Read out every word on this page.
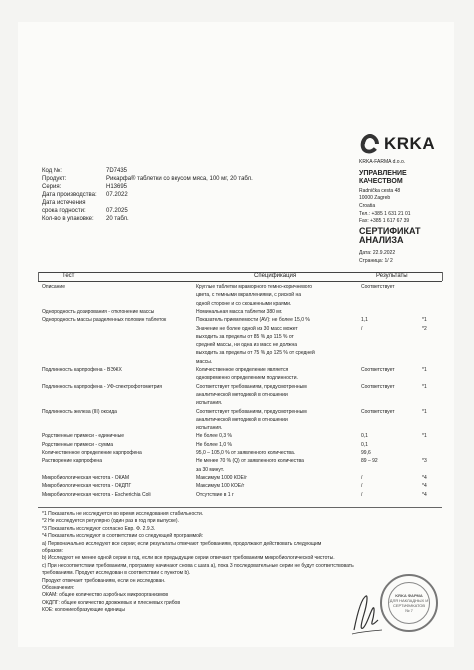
KRKA
KRKA-FARMA d.o.o.
УПРАВЛЕНИЕ
КАЧЕСТВОМ
Radnička cesta 48
10000 Zagreb
Croatia
Тел.: +385 1 631 21 01
Fax: +385 1 617 67 39
СЕРТИФИКАТ
АНАЛИЗА
Дата: 22.9.2022
Страница: 1/ 2
Код №:	7D7435
Продукт:	Рикарфа® таблетки со вкусом мяса, 100 мг, 20 табл.
Серия:	H13695
Дата производства: 07.2022
Дата истечения
срока годности:	07.2025
Кол-во в упаковке: 20 табл.
Тест	Спецификация	Результаты
Описание	Круглые таблетки мраморного темно-коричневого	Соответствует
цвета, с темными вкраплениями, с риской на
одной стороне и со скошенными краями.
Однородность дозирования - отклонение массы	Номинальная масса таблетки 380 мг.
Однородность массы разделенных половин таблеток	Показатель приемлемости (AV): не более 15,0 %	1,1	*1
Значение не более одной из 30 масс может	/	*2
выходить за пределы от 85 % до 115 % от
средней массы, ни одна из масс не должна
выходить за пределы от 75 % до 125 % от средней
массы.
Подлинность карпрофена - ВЭЖХ	Количественное определение является	Соответствует	*1
одновременно определением подлинности.
Подлинность карпрофена - УФ-спектрофотометрия	Соответствует требованиям, предусмотренным	Соответствует	*1
аналитической методикой в отношении
испытания.
Подлинность железа (III) оксида	Соответствует требованиям, предусмотренным	Соответствует	*1
аналитической методикой в отношении
испытания.
Родственные примеси - единичные	Не более 0,3 %	0,1	*1
Родственные примеси - сумма	Не более 1,0 %	0,1
Количественное определение карпрофена	95,0 – 105,0 % от заявленного количества.	99,6
Растворение карпрофена	Не менее 70 % (Q) от заявленного количества	89 – 92	*3
за 30 минут.
Микробиологическая чистота - ОКАМ	Максимум 1000 КОЕ/г	/	*4
Микробиологическая чистота - ОКДПГ	Максимум 100 КОЕ/г	/	*4
Микробиологическая чистота - Escherichia Coli	Отсутствие в 1 г	/	*4
*1 Показатель не исследуется во время исследования стабильности.
*2 Не исследуется регулярно (один раз в год при выпуске).
*3 Показатель исследуют согласно Евр. Ф. 2.9.3.
*4 Показатель исследуют в соответствии со следующей программой:
a) Первоначально исследуют все серии; если результаты отвечают требованиям, продолжают действовать следующим
образом:
b) Исследуют не менее одной серии в год, если все предыдущие серии отвечают требованиям микробиологической чистоты.
c) При несоответствии требованиям, программу начинают снова с шага a), пока 3 последовательные серии не будут соответствовать
требованиям. Продукт исследован в соответствии с пунктом b).
Продукт отвечает требованиям, если он исследован.
Обозначения:
ОКАМ: общее количество аэробных микроорганизмов
ОКДПГ: общее количество дрожжевых и плесневых грибов
КОЕ: колониеобразующие единицы
KRKA ФАРМА
ДЛЯ НАКЛАДНЫХ И
СЕРТИФИКАТОВ
№ 7
